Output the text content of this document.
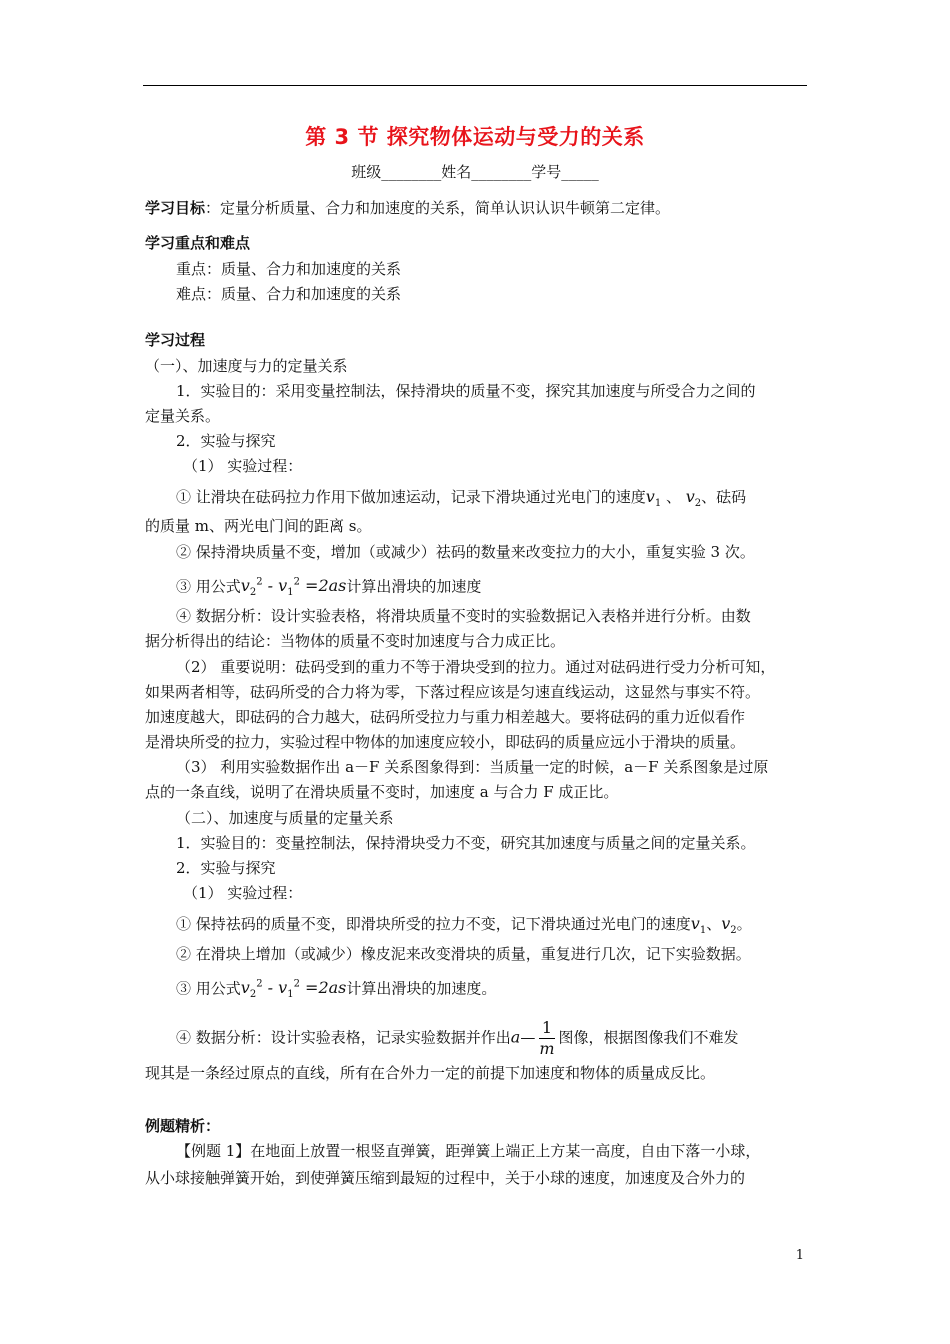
第 3 节 探究物体运动与受力的关系
班级________姓名________学号_____
学习目标：定量分析质量、合力和加速度的关系，简单认识认识牛顿第二定律。
学习重点和难点
重点：质量、合力和加速度的关系
难点：质量、合力和加速度的关系
学习过程
（一）、加速度与力的定量关系
1．实验目的：采用变量控制法，保持滑块的质量不变，探究其加速度与所受合力之间的
定量关系。
2．实验与探究
（1） 实验过程：
① 让滑块在砝码拉力作用下做加速运动，记录下滑块通过光电门的速度$v_1$ 、 $v_2$、砝码
的质量 m、两光电门间的距离 s。
② 保持滑块质量不变，增加（或减少）祛码的数量来改变拉力的大小，重复实验 3 次。
③ 用公式$v_2^2 - v_1^2 =2as$计算出滑块的加速度
④ 数据分析：设计实验表格，将滑块质量不变时的实验数据记入表格并进行分析。由数
据分析得出的结论：当物体的质量不变时加速度与合力成正比。
（2） 重要说明：砝码受到的重力不等于滑块受到的拉力。通过对砝码进行受力分析可知，
如果两者相等，砝码所受的合力将为零，下落过程应该是匀速直线运动，这显然与事实不符。
加速度越大，即砝码的合力越大，砝码所受拉力与重力相差越大。要将砝码的重力近似看作
是滑块所受的拉力，实验过程中物体的加速度应较小，即砝码的质量应远小于滑块的质量。
（3） 利用实验数据作出 a－F 关系图象得到：当质量一定的时候，a－F 关系图象是过原
点的一条直线，说明了在滑块质量不变时，加速度 a 与合力 F 成正比。
（二）、加速度与质量的定量关系
1．实验目的：变量控制法，保持滑块受力不变，研究其加速度与质量之间的定量关系。
2．实验与探究
（1） 实验过程：
① 保持祛码的质量不变，即滑块所受的拉力不变，记下滑块通过光电门的速度$v_1$、$v_2$。
② 在滑块上增加（或减少）橡皮泥来改变滑块的质量，重复进行几次，记下实验数据。
③ 用公式$v_2^2 - v_1^2 =2as$计算出滑块的加速度。
④ 数据分析：设计实验表格，记录实验数据并作出a— $\frac{1}{m}$ 图像，根据图像我们不难发
现其是一条经过原点的直线，所有在合外力一定的前提下加速度和物体的质量成反比。
例题精析：
【例题 1】在地面上放置一根竖直弹簧，距弹簧上端正上方某一高度，自由下落一小球，
从小球接触弹簧开始，到使弹簧压缩到最短的过程中，关于小球的速度，加速度及合外力的
1
